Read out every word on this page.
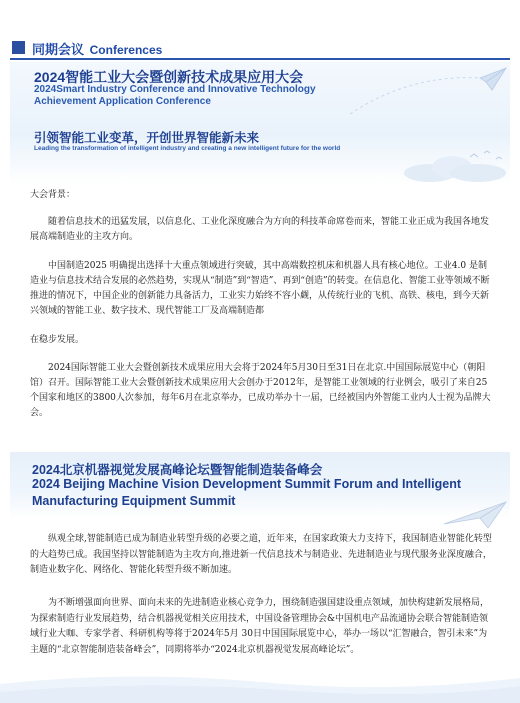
同期会议 Conferences
2024智能工业大会暨创新技术成果应用大会
2024Smart Industry Conference and Innovative Technology Achievement Application Conference
引领智能工业变革，开创世界智能新未来
Leading the transformation of intelligent industry and creating a new intelligent future for the world
大会背景：
随着信息技术的迅猛发展，以信息化、工业化深度融合为方向的科技革命席卷而来，智能工业正成为我国各地发展高端制造业的主攻方向。
中国制造2025 明确提出选择十大重点领域进行突破，其中高端数控机床和机器人具有核心地位。工业4.0 是制造业与信息技术结合发展的必然趋势，实现从“制造”到“智造”、再到“创造”的转变。在信息化、智能工业等领域不断推进的情况下，中国企业的创新能力具备活力，工业实力始终不容小觑，从传统行业的飞机、高铁、核电，到今天新兴领域的智能工业、数字技术、现代智能工厂及高端制造都
在稳步发展。
2024国际智能工业大会暨创新技术成果应用大会将于2024年5月30日至31日在北京.中国国际展览中心（朝阳馆）召开。国际智能工业大会暨创新技术成果应用大会创办于2012年，是智能工业领域的行业例会，吸引了来自25个国家和地区的3800人次参加，每年6月在北京举办，已成功举办十一届，已经被国内外智能工业内人士视为品牌大会。
2024北京机器视觉发展高峰论坛暨智能制造装备峰会
2024 Beijing Machine Vision Development Summit Forum and Intelligent Manufacturing Equipment Summit
纵观全球,智能制造已成为制造业转型升级的必要之道，近年来，在国家政策大力支持下，我国制造业智能化转型的大趋势已成。我国坚持以智能制造为主攻方向,推进新一代信息技术与制造业、先进制造业与现代服务业深度融合，制造业数字化、网络化、智能化转型升级不断加速。
为不断增强面向世界、面向未来的先进制造业核心竞争力，围绕制造强国建设重点领域，加快构建新发展格局，为探索制造行业发展趋势，结合机器视觉相关应用技术，中国设备管理协会&中国机电产品流通协会联合智能制造领域行业大咖、专家学者、科研机构等将于2024年5月 30日中国国际展览中心，举办一场以“汇智融合，智引未来”为主题的“北京智能制造装备峰会”，同期将举办“2024北京机器视觉发展高峰论坛”。
